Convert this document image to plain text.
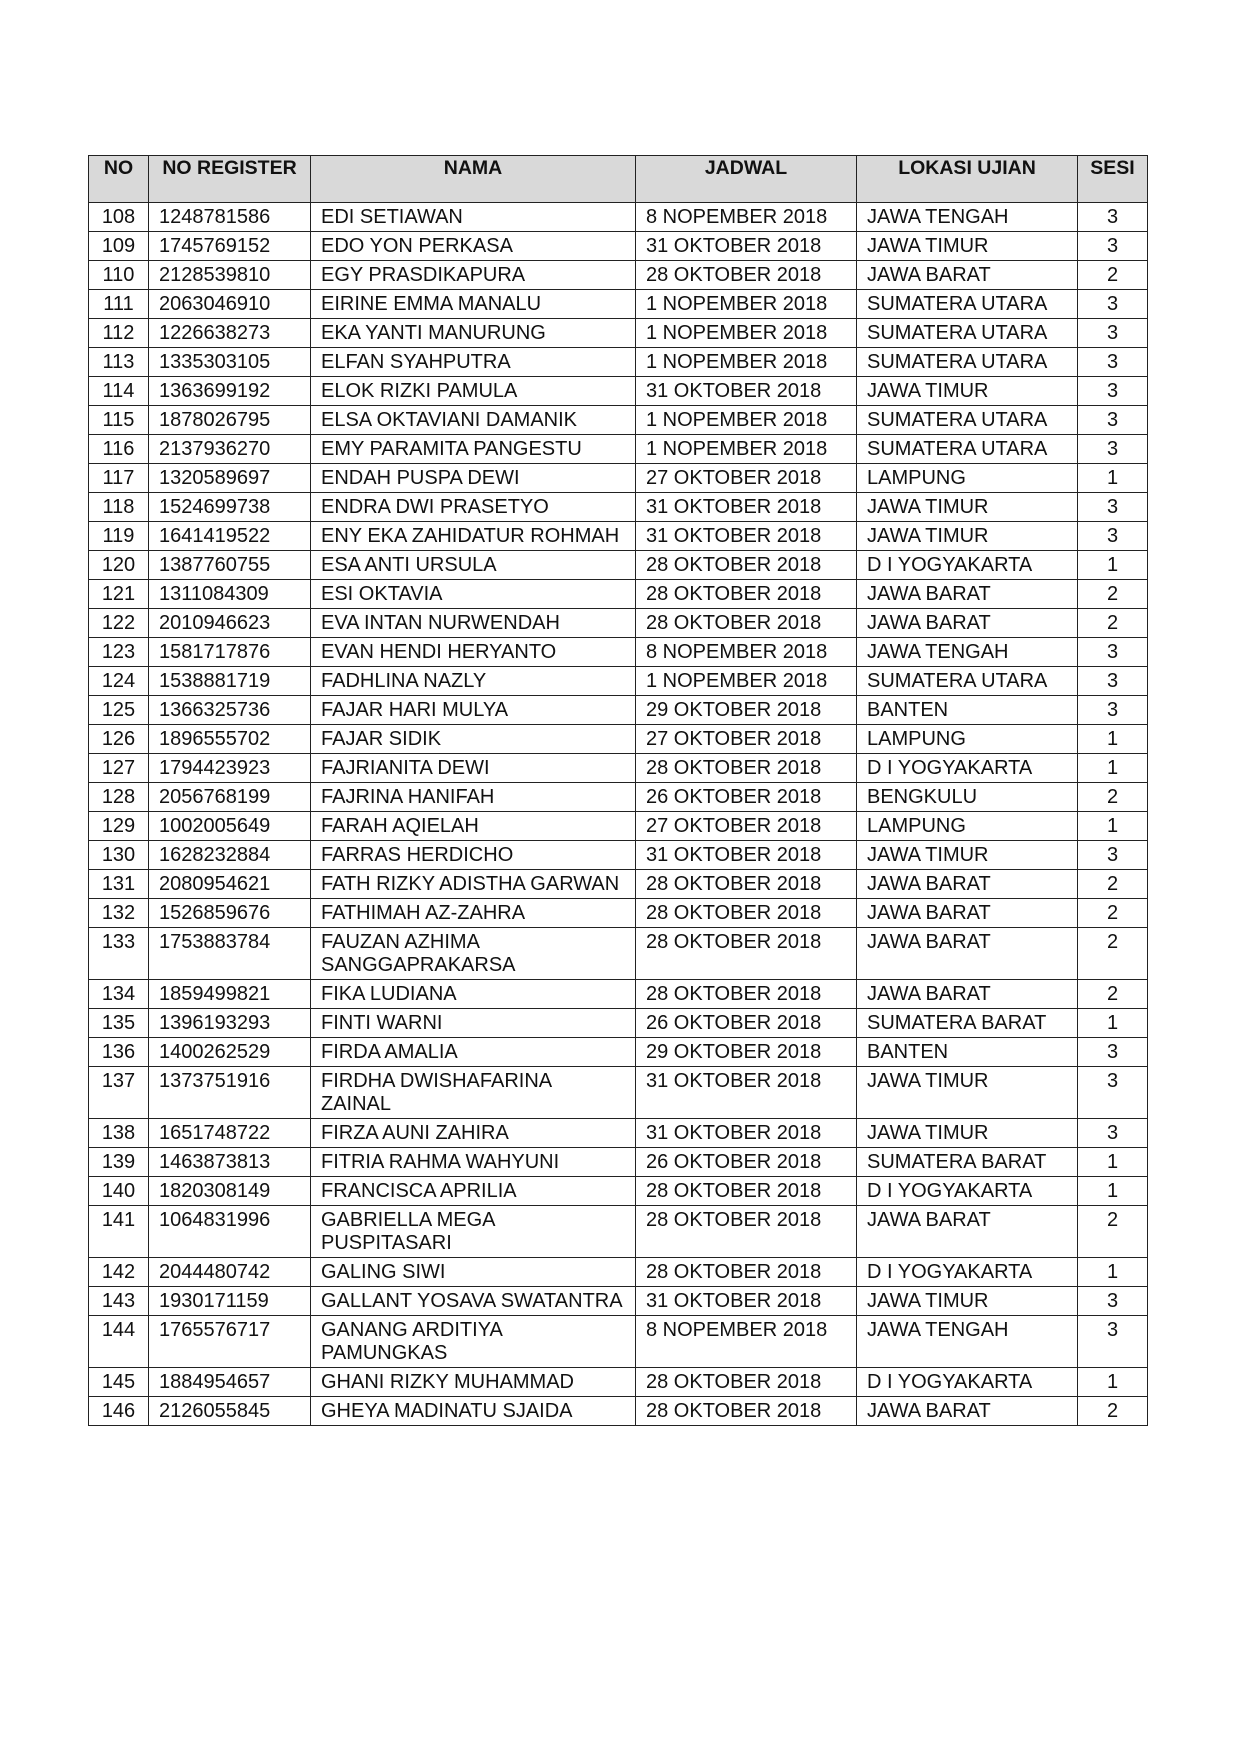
NO	NO REGISTER	NAMA	JADWAL	LOKASI UJIAN	SESI
108	1248781586	EDI SETIAWAN	8 NOPEMBER 2018	JAWA TENGAH	3
109	1745769152	EDO YON PERKASA	31 OKTOBER 2018	JAWA TIMUR	3
110	2128539810	EGY PRASDIKAPURA	28 OKTOBER 2018	JAWA BARAT	2
111	2063046910	EIRINE EMMA MANALU	1 NOPEMBER 2018	SUMATERA UTARA	3
112	1226638273	EKA YANTI MANURUNG	1 NOPEMBER 2018	SUMATERA UTARA	3
113	1335303105	ELFAN SYAHPUTRA	1 NOPEMBER 2018	SUMATERA UTARA	3
114	1363699192	ELOK RIZKI PAMULA	31 OKTOBER 2018	JAWA TIMUR	3
115	1878026795	ELSA OKTAVIANI DAMANIK	1 NOPEMBER 2018	SUMATERA UTARA	3
116	2137936270	EMY PARAMITA PANGESTU	1 NOPEMBER 2018	SUMATERA UTARA	3
117	1320589697	ENDAH PUSPA DEWI	27 OKTOBER 2018	LAMPUNG	1
118	1524699738	ENDRA DWI PRASETYO	31 OKTOBER 2018	JAWA TIMUR	3
119	1641419522	ENY EKA ZAHIDATUR ROHMAH	31 OKTOBER 2018	JAWA TIMUR	3
120	1387760755	ESA ANTI URSULA	28 OKTOBER 2018	D I YOGYAKARTA	1
121	1311084309	ESI OKTAVIA	28 OKTOBER 2018	JAWA BARAT	2
122	2010946623	EVA INTAN NURWENDAH	28 OKTOBER 2018	JAWA BARAT	2
123	1581717876	EVAN HENDI HERYANTO	8 NOPEMBER 2018	JAWA TENGAH	3
124	1538881719	FADHLINA NAZLY	1 NOPEMBER 2018	SUMATERA UTARA	3
125	1366325736	FAJAR HARI MULYA	29 OKTOBER 2018	BANTEN	3
126	1896555702	FAJAR SIDIK	27 OKTOBER 2018	LAMPUNG	1
127	1794423923	FAJRIANITA DEWI	28 OKTOBER 2018	D I YOGYAKARTA	1
128	2056768199	FAJRINA HANIFAH	26 OKTOBER 2018	BENGKULU	2
129	1002005649	FARAH AQIELAH	27 OKTOBER 2018	LAMPUNG	1
130	1628232884	FARRAS HERDICHO	31 OKTOBER 2018	JAWA TIMUR	3
131	2080954621	FATH RIZKY ADISTHA GARWAN	28 OKTOBER 2018	JAWA BARAT	2
132	1526859676	FATHIMAH AZ-ZAHRA	28 OKTOBER 2018	JAWA BARAT	2
133	1753883784	FAUZAN AZHIMA SANGGAPRAKARSA	28 OKTOBER 2018	JAWA BARAT	2
134	1859499821	FIKA LUDIANA	28 OKTOBER 2018	JAWA BARAT	2
135	1396193293	FINTI WARNI	26 OKTOBER 2018	SUMATERA BARAT	1
136	1400262529	FIRDA AMALIA	29 OKTOBER 2018	BANTEN	3
137	1373751916	FIRDHA DWISHAFARINA ZAINAL	31 OKTOBER 2018	JAWA TIMUR	3
138	1651748722	FIRZA AUNI ZAHIRA	31 OKTOBER 2018	JAWA TIMUR	3
139	1463873813	FITRIA RAHMA WAHYUNI	26 OKTOBER 2018	SUMATERA BARAT	1
140	1820308149	FRANCISCA APRILIA	28 OKTOBER 2018	D I YOGYAKARTA	1
141	1064831996	GABRIELLA MEGA PUSPITASARI	28 OKTOBER 2018	JAWA BARAT	2
142	2044480742	GALING SIWI	28 OKTOBER 2018	D I YOGYAKARTA	1
143	1930171159	GALLANT YOSAVA SWATANTRA	31 OKTOBER 2018	JAWA TIMUR	3
144	1765576717	GANANG ARDITIYA PAMUNGKAS	8 NOPEMBER 2018	JAWA TENGAH	3
145	1884954657	GHANI RIZKY MUHAMMAD	28 OKTOBER 2018	D I YOGYAKARTA	1
146	2126055845	GHEYA MADINATU SJAIDA	28 OKTOBER 2018	JAWA BARAT	2
